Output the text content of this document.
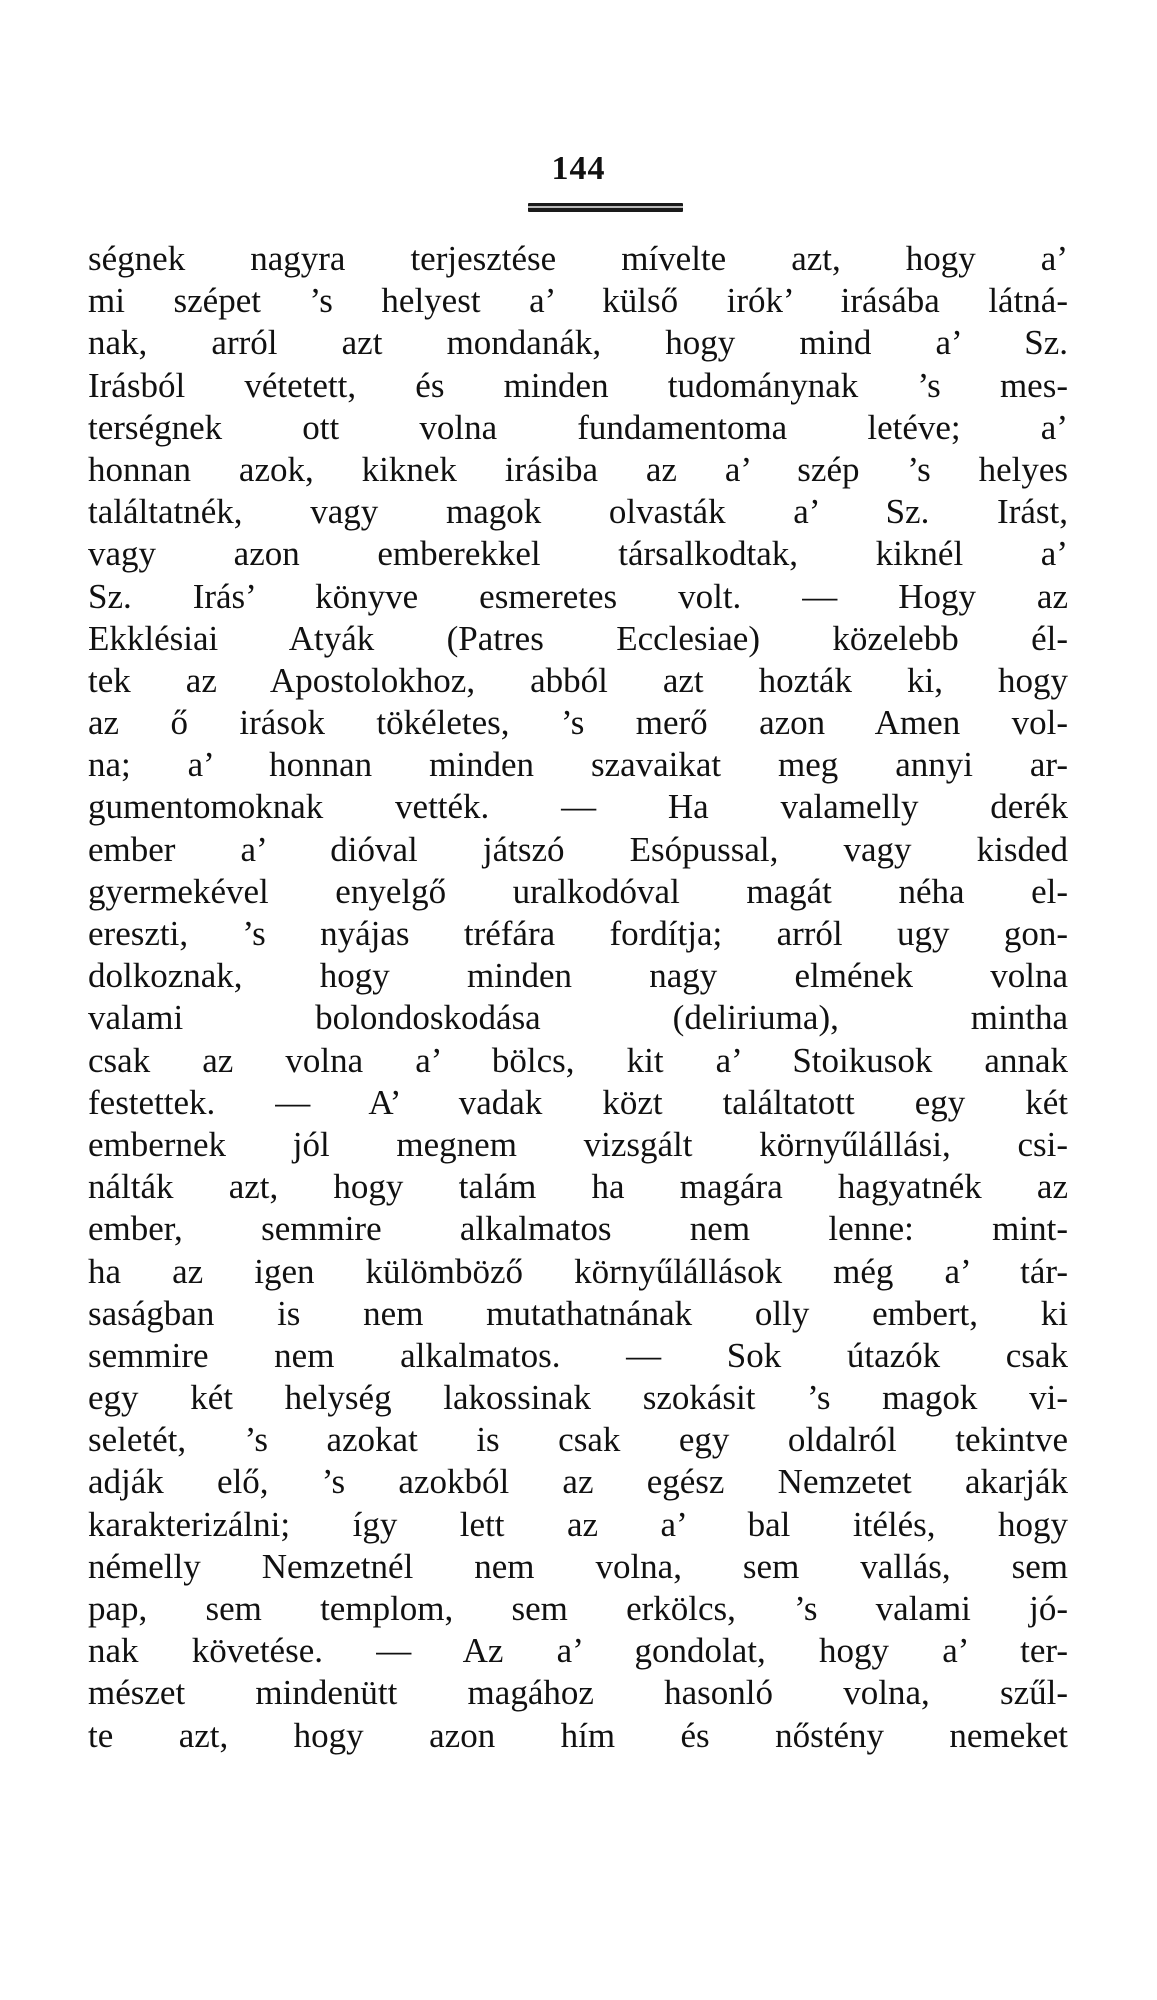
144
ségnek nagyra terjesztése mívelte azt, hogy a’
mi szépet ’s helyest a’ külső irók’ irásába látná-
nak, arról azt mondanák, hogy mind a’ Sz.
Irásból vétetett, és minden tudománynak ’s mes-
terségnek ott volna fundamentoma letéve; a’
honnan azok, kiknek irásiba az a’ szép ’s helyes
találtatnék, vagy magok olvasták a’ Sz. Irást,
vagy azon emberekkel társalkodtak, kiknél a’
Sz. Irás’ könyve esmeretes volt. — Hogy az
Ekklésiai Atyák (Patres Ecclesiae) közelebb él-
tek az Apostolokhoz, abból azt hozták ki, hogy
az ő irások tökéletes, ’s merő azon Amen vol-
na; a’ honnan minden szavaikat meg annyi ar-
gumentomoknak vették. — Ha valamelly derék
ember a’ dióval játszó Esópussal, vagy kisded
gyermekével enyelgő uralkodóval magát néha el-
ereszti, ’s nyájas tréfára fordítja; arról ugy gon-
dolkoznak, hogy minden nagy elmének volna
valami bolondoskodása (deliriuma), mintha
csak az volna a’ bölcs, kit a’ Stoikusok annak
festettek. — A’ vadak közt találtatott egy két
embernek jól megnem vizsgált környűlállási, csi-
nálták azt, hogy talám ha magára hagyatnék az
ember, semmire alkalmatos nem lenne: mint-
ha az igen külömböző környűlállások még a’ tár-
saságban is nem mutathatnának olly embert, ki
semmire nem alkalmatos. — Sok útazók csak
egy két helység lakossinak szokásit ’s magok vi-
seletét, ’s azokat is csak egy oldalról tekintve
adják elő, ’s azokból az egész Nemzetet akarják
karakterizálni; így lett az a’ bal itélés, hogy
némelly Nemzetnél nem volna, sem vallás, sem
pap, sem templom, sem erkölcs, ’s valami jó-
nak követése. — Az a’ gondolat, hogy a’ ter-
mészet mindenütt magához hasonló volna, szűl-
te azt, hogy azon hím és nőstény nemeket
